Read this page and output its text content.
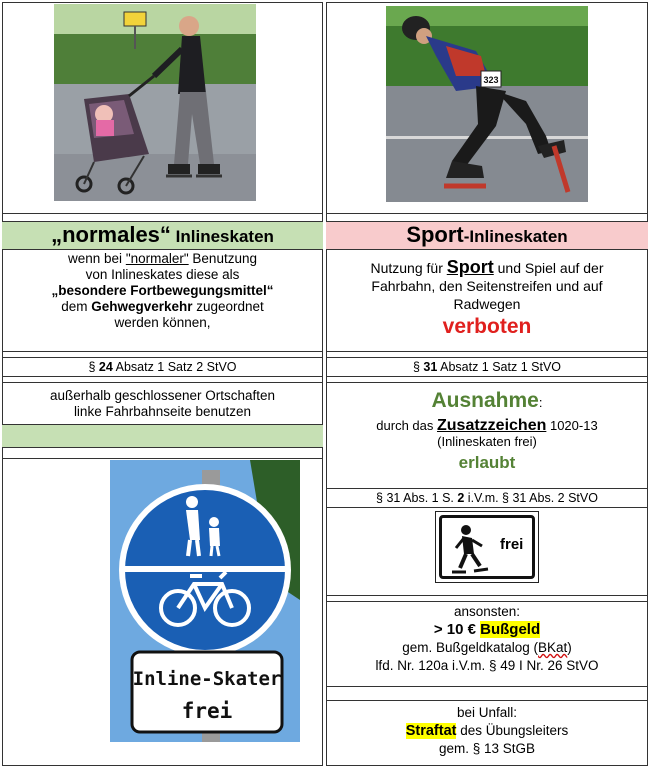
„normales“ Inlineskaten
wenn bei "normaler" Benutzung
von Inlineskates diese als
„besondere Fortbewegungsmittel“
dem Gehwegverkehr zugeordnet
werden können,
§ 24 Absatz 1 Satz 2 StVO
außerhalb geschlossener Ortschaften
linke Fahrbahnseite benutzen
Inline-Skater
frei
323
Sport-Inlineskaten
Nutzung für Sport und Spiel auf der
Fahrbahn, den Seitenstreifen und auf
Radwegen
verboten
§ 31 Absatz 1 Satz 1 StVO
Ausnahme:
durch das Zusatzzeichen 1020-13
(Inlineskaten frei)
erlaubt
§ 31 Abs. 1 S. 2 i.V.m. § 31 Abs. 2 StVO
frei
ansonsten:
> 10 € Bußgeld
gem. Bußgeldkatalog (BKat)
lfd. Nr. 120a i.V.m. § 49 I Nr. 26 StVO
bei Unfall:
Straftat des Übungsleiters
gem. § 13 StGB
